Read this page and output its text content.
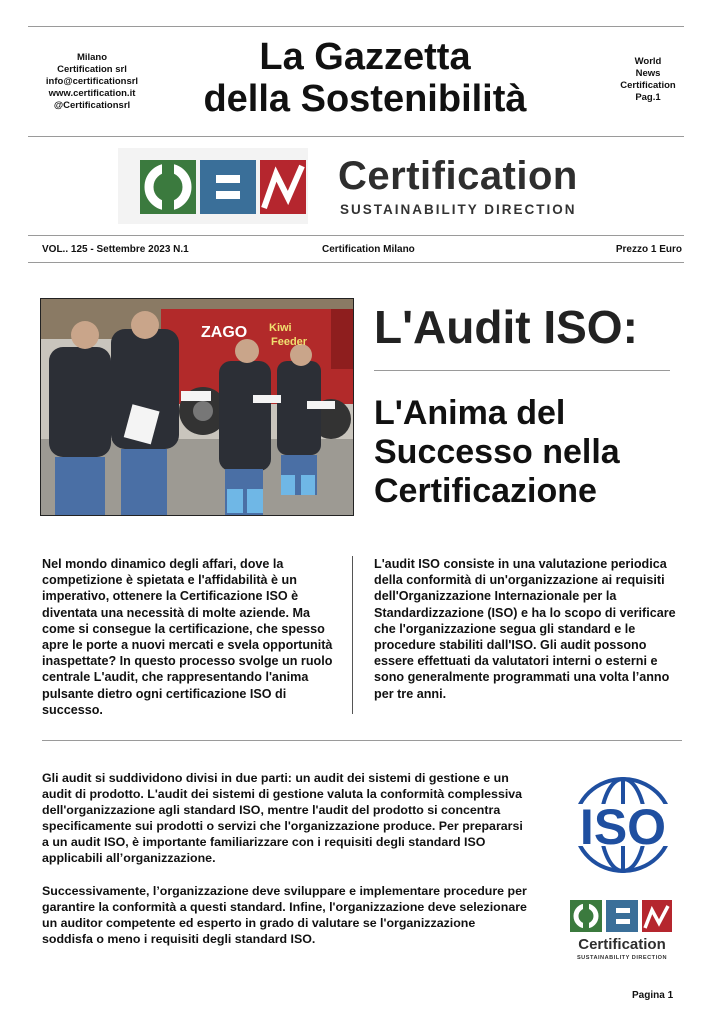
Milano
Certification srl
info@certificationsrl
www.certification.it
@Certificationsrl
La Gazzetta
della Sostenibilità
World
News
Certification
Pag.1
Certification
SUSTAINABILITY DIRECTION
VOL.. 125 - Settembre 2023 N.1	Certification Milano	Prezzo 1 Euro
ZAGO Kiwi
Feeder L'Audit ISO:
L'Anima del
Successo nella
Certificazione
Nel mondo dinamico degli affari, dove la competizione è spietata e l'affidabilità è un imperativo, ottenere la Certificazione ISO è diventata una necessità di molte aziende. Ma come si consegue la certificazione, che spesso apre le porte a nuovi mercati e svela opportunità inaspettate? In questo processo svolge un ruolo centrale L'audit, che rappresentando l'anima pulsante dietro ogni certificazione ISO di successo.
L'audit ISO consiste in una valutazione periodica della conformità di un'organizzazione ai requisiti dell'Organizzazione Internazionale per la Standardizzazione (ISO) e ha lo scopo di verificare che l'organizzazione segua gli standard e le procedure stabiliti dall'ISO. Gli audit possono essere effettuati da valutatori interni o esterni e sono generalmente programmati una volta l’anno per tre anni.

Gli audit si suddividono divisi in due parti: un audit dei sistemi di gestione e un audit di prodotto. L'audit dei sistemi di gestione valuta la conformità complessiva dell'organizzazione agli standard ISO, mentre l'audit del prodotto si concentra specificamente sui prodotti o servizi che l'organizzazione produce. Per prepararsi a un audit ISO, è importante familiarizzare con i requisiti degli standard ISO applicabili all’organizzazione.

Successivamente, l’organizzazione deve sviluppare e implementare procedure per garantire la conformità a questi standard. Infine, l'organizzazione deve selezionare un auditor competente ed esperto in grado di valutare se l'organizzazione soddisfa o meno i requisiti degli standard ISO.

ISO
Certification
SUSTAINABILITY DIRECTION
Pagina 1
